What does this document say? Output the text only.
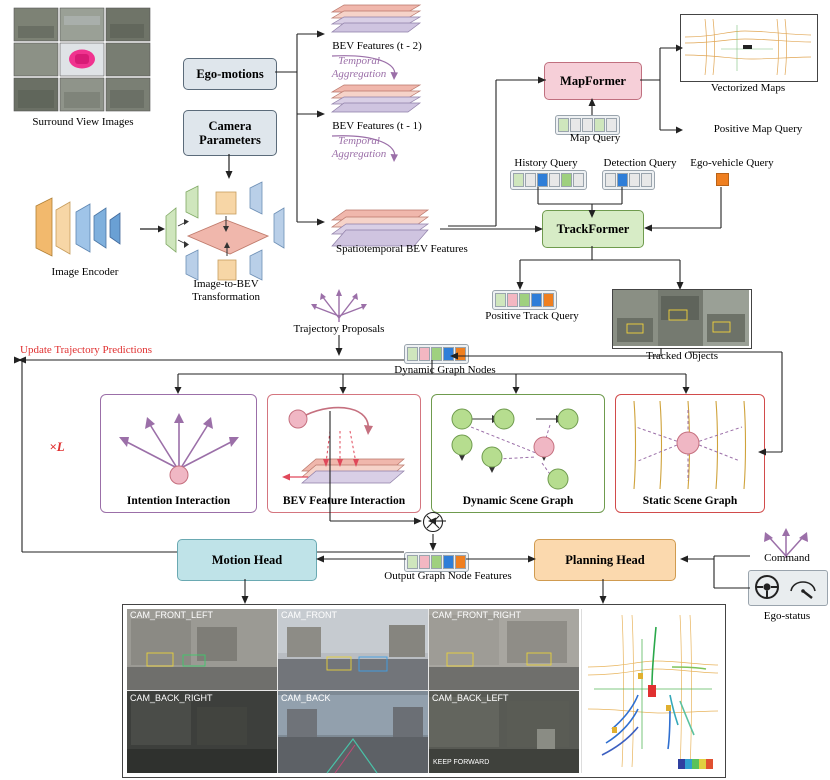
Surround View Images
Image Encoder
Image-to-BEV
Transformation
Ego-motions
Camera
Parameters
BEV Features (t - 2)
BEV Features (t - 1)
Spatiotemporal BEV Features
Temporal
Aggregation
Temporal
Aggregation
MapFormer
Map Query
Vectorized Maps
Positive Map Query
TrackFormer
History Query	Detection Query	Ego-vehicle Query
Positive Track Query
Tracked Objects
Trajectory Proposals
Dynamic Graph Nodes
Update Trajectory Predictions
×L
Intention Interaction	BEV Feature Interaction	Dynamic Scene Graph	Static Scene Graph
Output Graph Node Features
Motion Head	Planning Head	Command
Ego-status
CAM_FRONT_LEFT	CAM_FRONT	CAM_FRONT_RIGHT
CAM_BACK_RIGHT	CAM_BACK	CAM_BACK_LEFT
KEEP FORWARD
